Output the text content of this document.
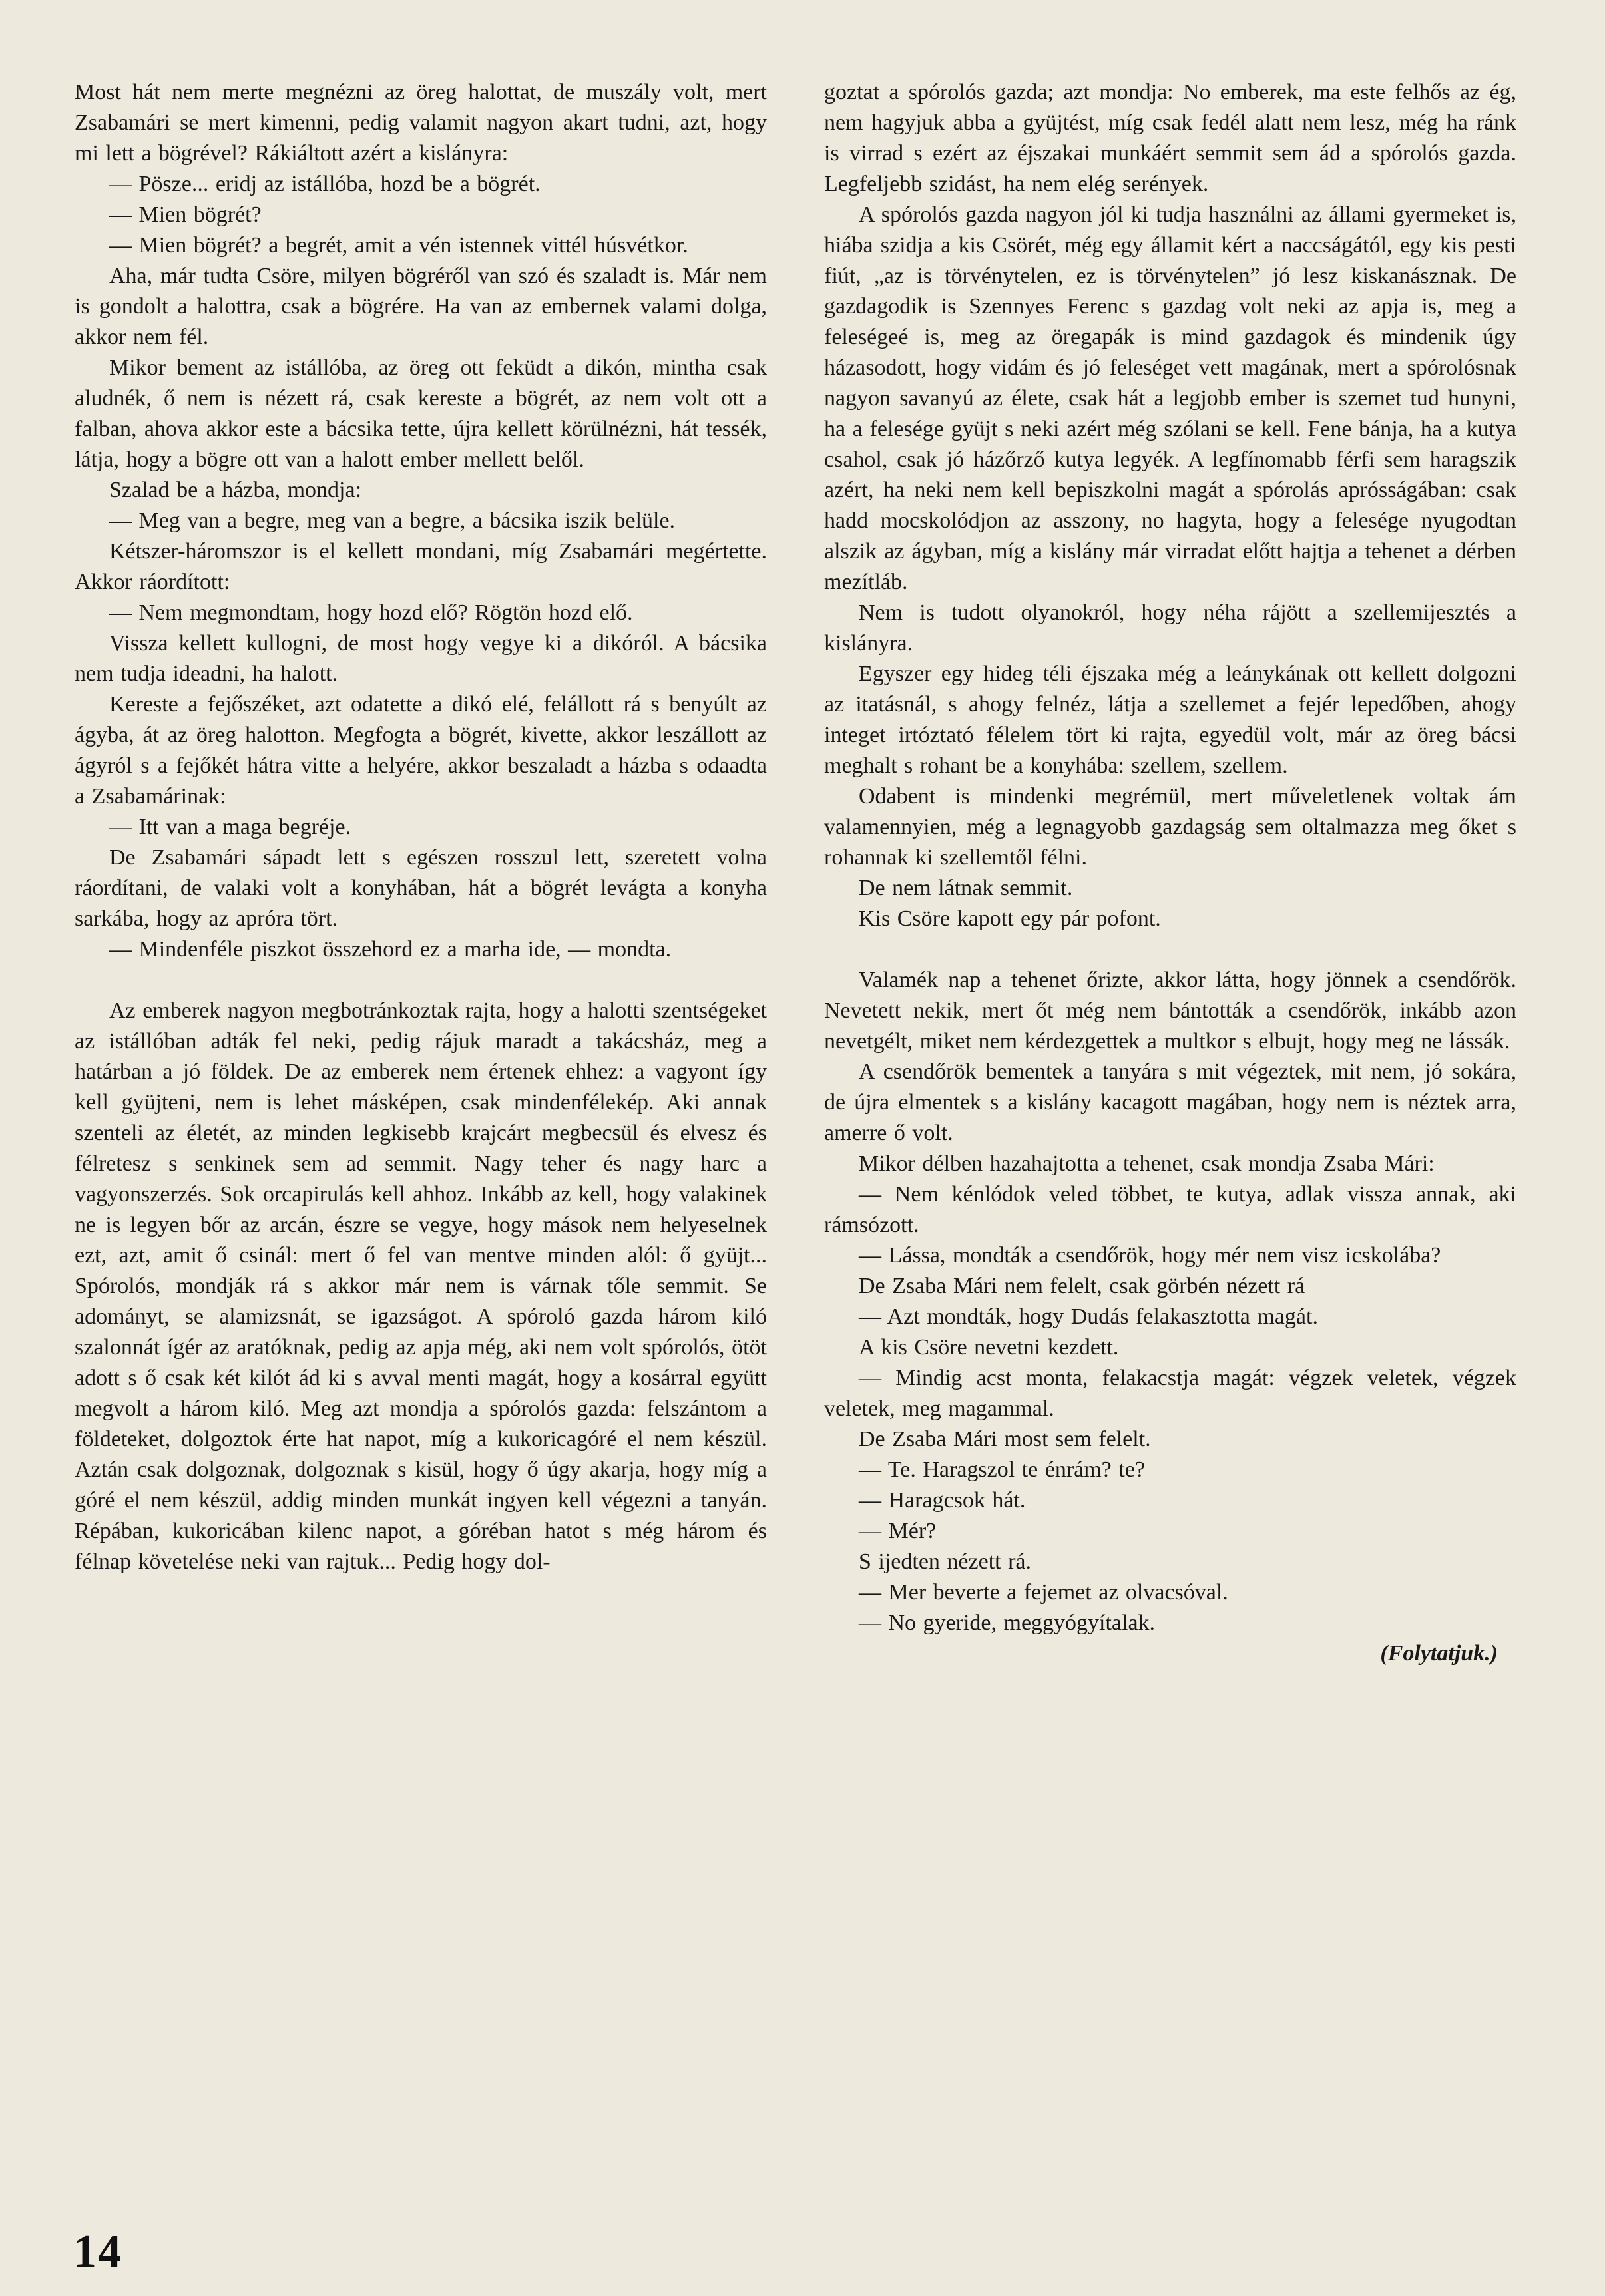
Most hát nem merte megnézni az öreg halottat, de muszály volt, mert Zsabamári se mert kimenni, pedig valamit nagyon akart tudni, azt, hogy mi lett a bögrével? Rákiáltott azért a kislányra:

— Pösze... eridj az istállóba, hozd be a bögrét.

— Mien bögrét?

— Mien bögrét? a begrét, amit a vén istennek vittél húsvétkor.

Aha, már tudta Csöre, milyen bögréről van szó és szaladt is. Már nem is gondolt a halottra, csak a bögrére. Ha van az embernek valami dolga, akkor nem fél.

Mikor bement az istállóba, az öreg ott feküdt a dikón, mintha csak aludnék, ő nem is nézett rá, csak kereste a bögrét, az nem volt ott a falban, ahova akkor este a bácsika tette, újra kellett körülnézni, hát tessék, látja, hogy a bögre ott van a halott ember mellett belől.

Szalad be a házba, mondja:

— Meg van a begre, meg van a begre, a bácsika iszik belüle.

Kétszer-háromszor is el kellett mondani, míg Zsabamári megértette. Akkor ráordított:

— Nem megmondtam, hogy hozd elő? Rögtön hozd elő.

Vissza kellett kullogni, de most hogy vegye ki a dikóról. A bácsika nem tudja ideadni, ha halott.

Kereste a fejőszéket, azt odatette a dikó elé, felállott rá s benyúlt az ágyba, át az öreg halotton. Megfogta a bögrét, kivette, akkor leszállott az ágyról s a fejőkét hátra vitte a helyére, akkor beszaladt a házba s odaadta a Zsabamárinak:

— Itt van a maga begréje.

De Zsabamári sápadt lett s egészen rosszul lett, szeretett volna ráordítani, de valaki volt a konyhában, hát a bögrét levágta a konyha sarkába, hogy az apróra tört.

— Mindenféle piszkot összehord ez a marha ide, — mondta.

Az emberek nagyon megbotránkoztak rajta, hogy a halotti szentségeket az istállóban adták fel neki, pedig rájuk maradt a takácsház, meg a határban a jó földek. De az emberek nem értenek ehhez: a vagyont így kell gyüjteni, nem is lehet másképen, csak mindenfélekép. Aki annak szenteli az életét, az minden legkisebb krajcárt megbecsül és elvesz és félretesz s senkinek sem ad semmit. Nagy teher és nagy harc a vagyonszerzés. Sok orcapirulás kell ahhoz. Inkább az kell, hogy valakinek ne is legyen bőr az arcán, észre se vegye, hogy mások nem helyeselnek ezt, azt, amit ő csinál: mert ő fel van mentve minden alól: ő gyüjt... Spórolós, mondják rá s akkor már nem is várnak tőle semmit. Se adományt, se alamizsnát, se igazságot. A spóroló gazda három kiló szalonnát ígér az aratóknak, pedig az apja még, aki nem volt spórolós, ötöt adott s ő csak két kilót ád ki s avval menti magát, hogy a kosárral együtt megvolt a három kiló. Meg azt mondja a spórolós gazda: felszántom a földeteket, dolgoztok érte hat napot, míg a kukoricagóré el nem készül. Aztán csak dolgoznak, dolgoznak s kisül, hogy ő úgy akarja, hogy míg a góré el nem készül, addig minden munkát ingyen kell végezni a tanyán. Répában, kukoricában kilenc napot, a góréban hatot s még három és félnap követelése neki van rajtuk... Pedig hogy dol-

goztat a spórolós gazda; azt mondja: No emberek, ma este felhős az ég, nem hagyjuk abba a gyüjtést, míg csak fedél alatt nem lesz, még ha ránk is virrad s ezért az éjszakai munkáért semmit sem ád a spórolós gazda. Legfeljebb szidást, ha nem elég serények.

A spórolós gazda nagyon jól ki tudja használni az állami gyermeket is, hiába szidja a kis Csörét, még egy államit kért a naccságától, egy kis pesti fiút, „az is törvénytelen, ez is törvénytelen” jó lesz kiskanásznak. De gazdagodik is Szennyes Ferenc s gazdag volt neki az apja is, meg a feleségeé is, meg az öregapák is mind gazdagok és mindenik úgy házasodott, hogy vidám és jó feleséget vett magának, mert a spórolósnak nagyon savanyú az élete, csak hát a legjobb ember is szemet tud hunyni, ha a felesége gyüjt s neki azért még szólani se kell. Fene bánja, ha a kutya csahol, csak jó házőrző kutya legyék. A legfínomabb férfi sem haragszik azért, ha neki nem kell bepiszkolni magát a spórolás aprósságában: csak hadd mocskolódjon az asszony, no hagyta, hogy a felesége nyugodtan alszik az ágyban, míg a kislány már virradat előtt hajtja a tehenet a dérben mezítláb.

Nem is tudott olyanokról, hogy néha rájött a szellemijesztés a kislányra.

Egyszer egy hideg téli éjszaka még a leánykának ott kellett dolgozni az itatásnál, s ahogy felnéz, látja a szellemet a fejér lepedőben, ahogy integet irtóztató félelem tört ki rajta, egyedül volt, már az öreg bácsi meghalt s rohant be a konyhába: szellem, szellem.

Odabent is mindenki megrémül, mert műveletlenek voltak ám valamennyien, még a legnagyobb gazdagság sem oltalmazza meg őket s rohannak ki szellemtől félni.

De nem látnak semmit.

Kis Csöre kapott egy pár pofont.

Valamék nap a tehenet őrizte, akkor látta, hogy jönnek a csendőrök. Nevetett nekik, mert őt még nem bántották a csendőrök, inkább azon nevetgélt, miket nem kérdezgettek a multkor s elbujt, hogy meg ne lássák.

A csendőrök bementek a tanyára s mit végeztek, mit nem, jó sokára, de újra elmentek s a kislány kacagott magában, hogy nem is néztek arra, amerre ő volt.

Mikor délben hazahajtotta a tehenet, csak mondja Zsaba Mári:

— Nem kénlódok veled többet, te kutya, adlak vissza annak, aki rámsózott.

— Lássa, mondták a csendőrök, hogy mér nem visz icskolába?

De Zsaba Mári nem felelt, csak görbén nézett rá

— Azt mondták, hogy Dudás felakasztotta magát.

A kis Csöre nevetni kezdett.

— Mindig acst monta, felakacstja magát: végzek veletek, végzek veletek, meg magammal.

De Zsaba Mári most sem felelt.

— Te. Haragszol te énrám? te?

— Haragcsok hát.

— Mér?

S ijedten nézett rá.

— Mer beverte a fejemet az olvacsóval.

— No gyeride, meggyógyítalak.

(Folytatjuk.)

14
